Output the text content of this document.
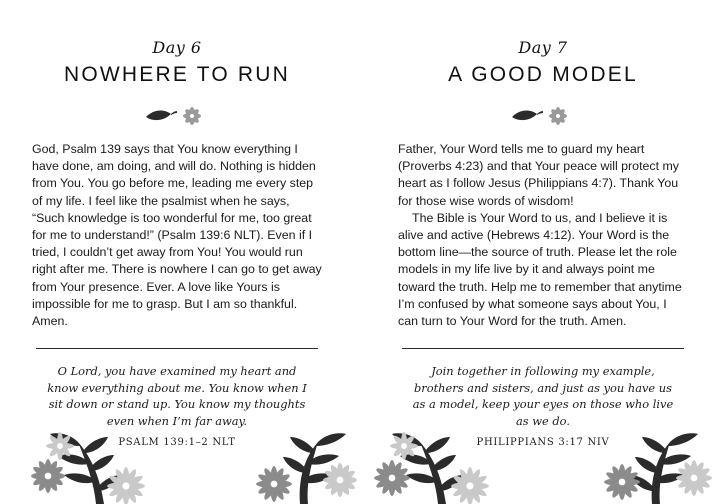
Day 6
NOWHERE TO RUN

God, Psalm 139 says that You know everything I have done, am doing, and will do. Nothing is hidden from You. You go before me, leading me every step of my life. I feel like the psalmist when he says, “Such knowledge is too wonderful for me, too great for me to understand!” (Psalm 139:6 NLT). Even if I tried, I couldn’t get away from You! You would run right after me. There is nowhere I can go to get away from Your presence. Ever. A love like Yours is impossible for me to grasp. But I am so thankful. Amen.

O Lord, you have examined my heart and know everything about me. You know when I sit down or stand up. You know my thoughts even when I’m far away.
PSALM 139:1–2 NLT
Day 7
A GOOD MODEL

Father, Your Word tells me to guard my heart (Proverbs 4:23) and that Your peace will protect my heart as I follow Jesus (Philippians 4:7). Thank You for those wise words of wisdom!

The Bible is Your Word to us, and I believe it is alive and active (Hebrews 4:12). Your Word is the bottom line—the source of truth. Please let the role models in my life live by it and always point me toward the truth. Help me to remember that anytime I’m confused by what someone says about You, I can turn to Your Word for the truth. Amen.

Join together in following my example, brothers and sisters, and just as you have us as a model, keep your eyes on those who live as we do.
PHILIPPIANS 3:17 NIV
